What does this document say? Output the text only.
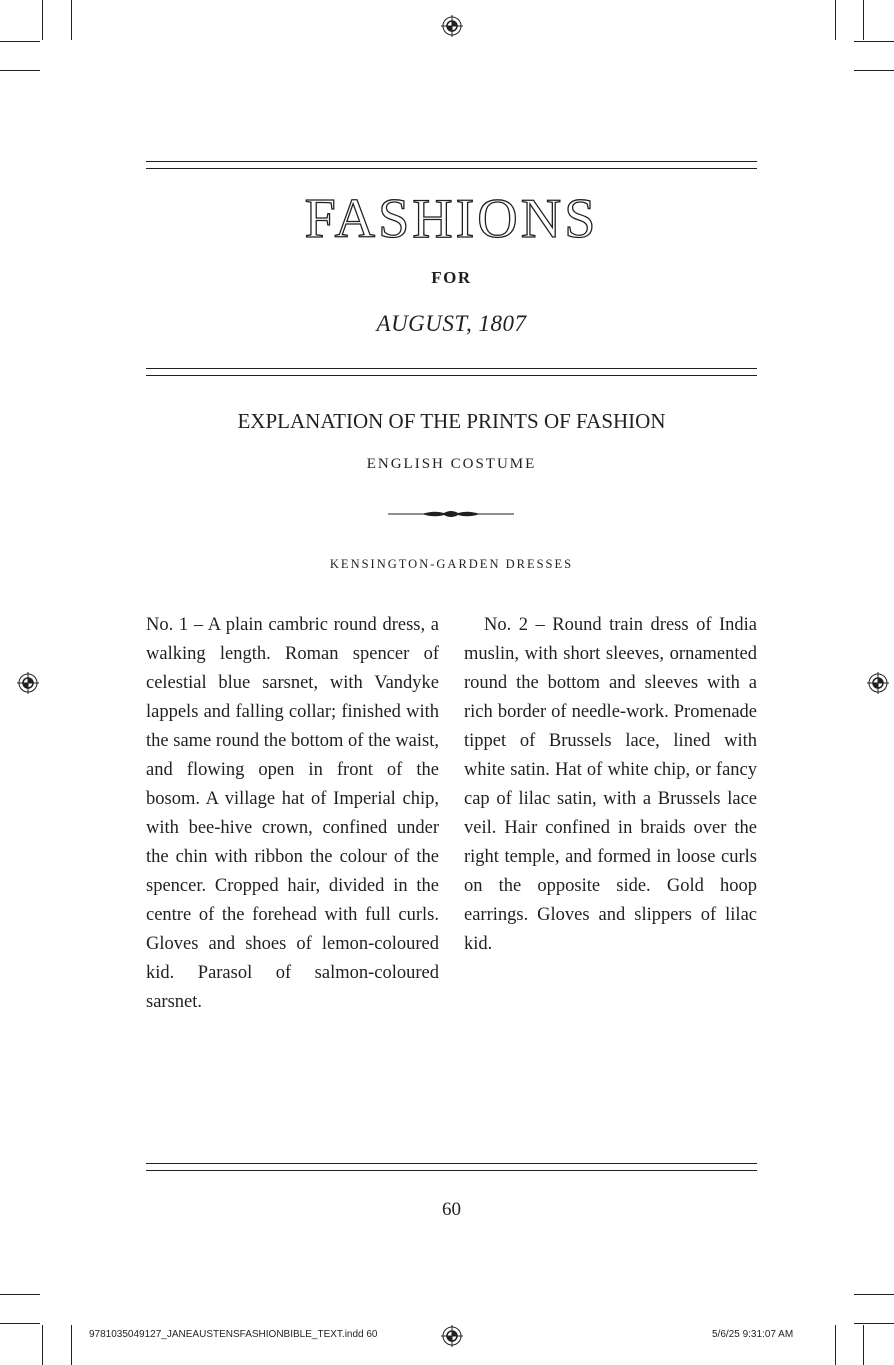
FASHIONS
FOR
AUGUST, 1807
EXPLANATION OF THE PRINTS OF FASHION
ENGLISH COSTUME
KENSINGTON-GARDEN DRESSES

No. 1 – A plain cambric round dress, a walking length. Roman spencer of celestial blue sarsnet, with Vandyke lappels and falling collar; finished with the same round the bottom of the waist, and flowing open in front of the bosom. A village hat of Imperial chip, with bee-hive crown, confined under the chin with ribbon the colour of the spencer. Cropped hair, divided in the centre of the forehead with full curls. Gloves and shoes of lemon-coloured kid. Parasol of salmon-coloured sarsnet.

No. 2 – Round train dress of India muslin, with short sleeves, ornamented round the bottom and sleeves with a rich border of needle-work. Promenade tippet of Brussels lace, lined with white satin. Hat of white chip, or fancy cap of lilac satin, with a Brussels lace veil. Hair confined in braids over the right temple, and formed in loose curls on the opposite side. Gold hoop earrings. Gloves and slippers of lilac kid.

60
9781035049127_JANEAUSTENSFASHIONBIBLE_TEXT.indd 60	5/6/25 9:31:07 AM
